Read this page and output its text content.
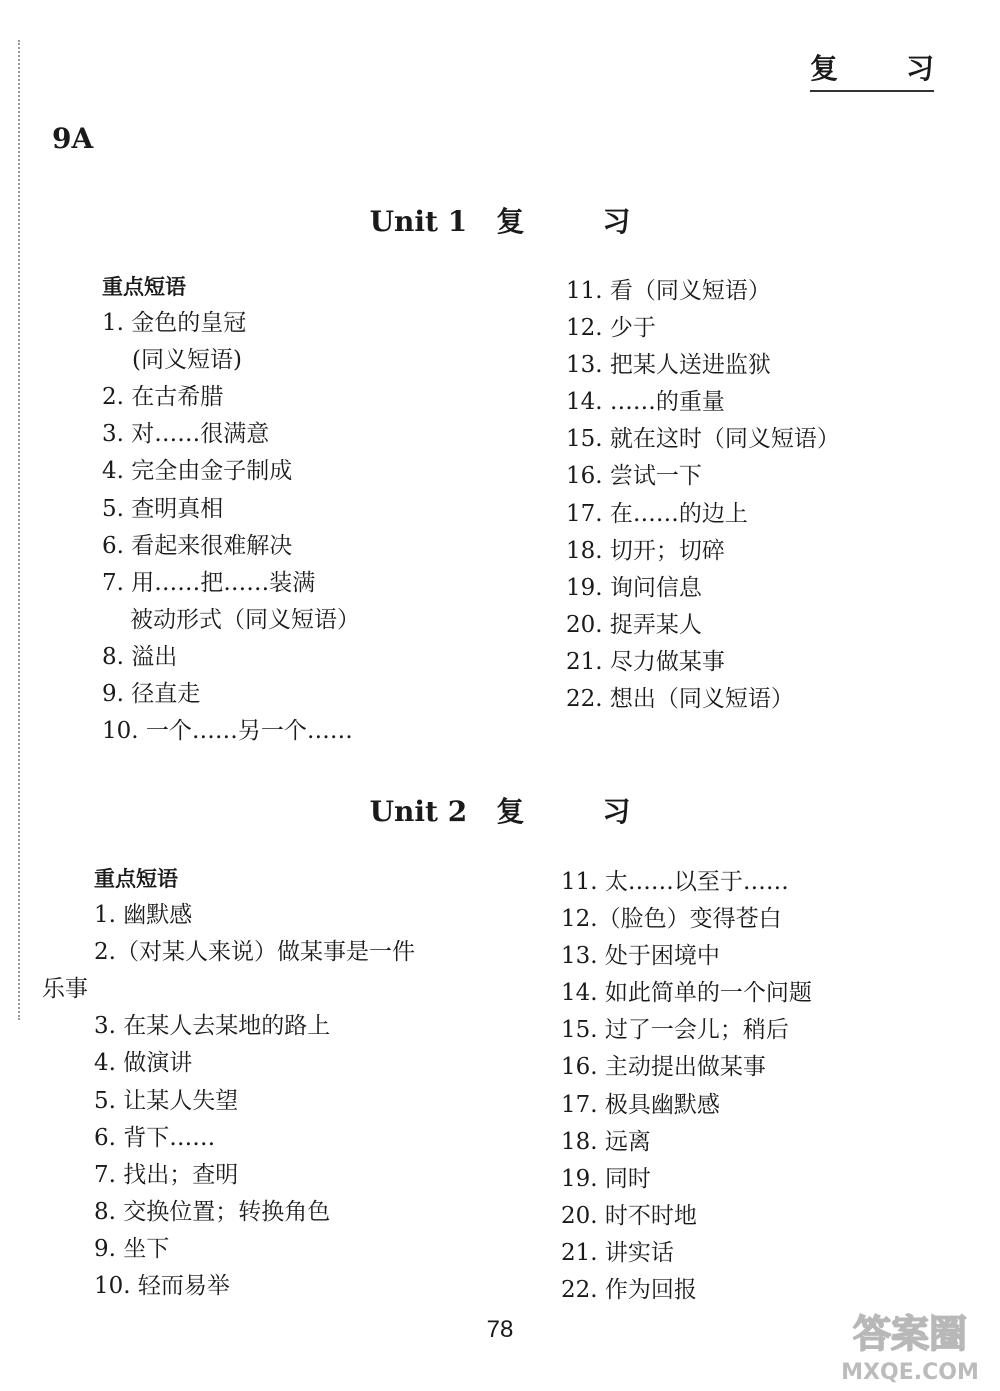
复 习
9A
Unit 1   复        习
重点短语
1. 金色的皇冠
(同义短语)
2. 在古希腊
3. 对……很满意
4. 完全由金子制成
5. 查明真相
6. 看起来很难解决
7. 用……把……装满
被动形式（同义短语）
8. 溢出
9. 径直走
10. 一个……另一个……
11. 看（同义短语）
12. 少于
13. 把某人送进监狱
14. ……的重量
15. 就在这时（同义短语）
16. 尝试一下
17. 在……的边上
18. 切开；切碎
19. 询问信息
20. 捉弄某人
21. 尽力做某事
22. 想出（同义短语）
Unit 2   复        习
重点短语
1. 幽默感
2.（对某人来说）做某事是一件
乐事
3. 在某人去某地的路上
4. 做演讲
5. 让某人失望
6. 背下……
7. 找出；查明
8. 交换位置；转换角色
9. 坐下
10. 轻而易举
11. 太……以至于……
12.（脸色）变得苍白
13. 处于困境中
14. 如此简单的一个问题
15. 过了一会儿；稍后
16. 主动提出做某事
17. 极具幽默感
18. 远离
19. 同时
20. 时不时地
21. 讲实话
22. 作为回报
78	答案圈
MXQE.COM
